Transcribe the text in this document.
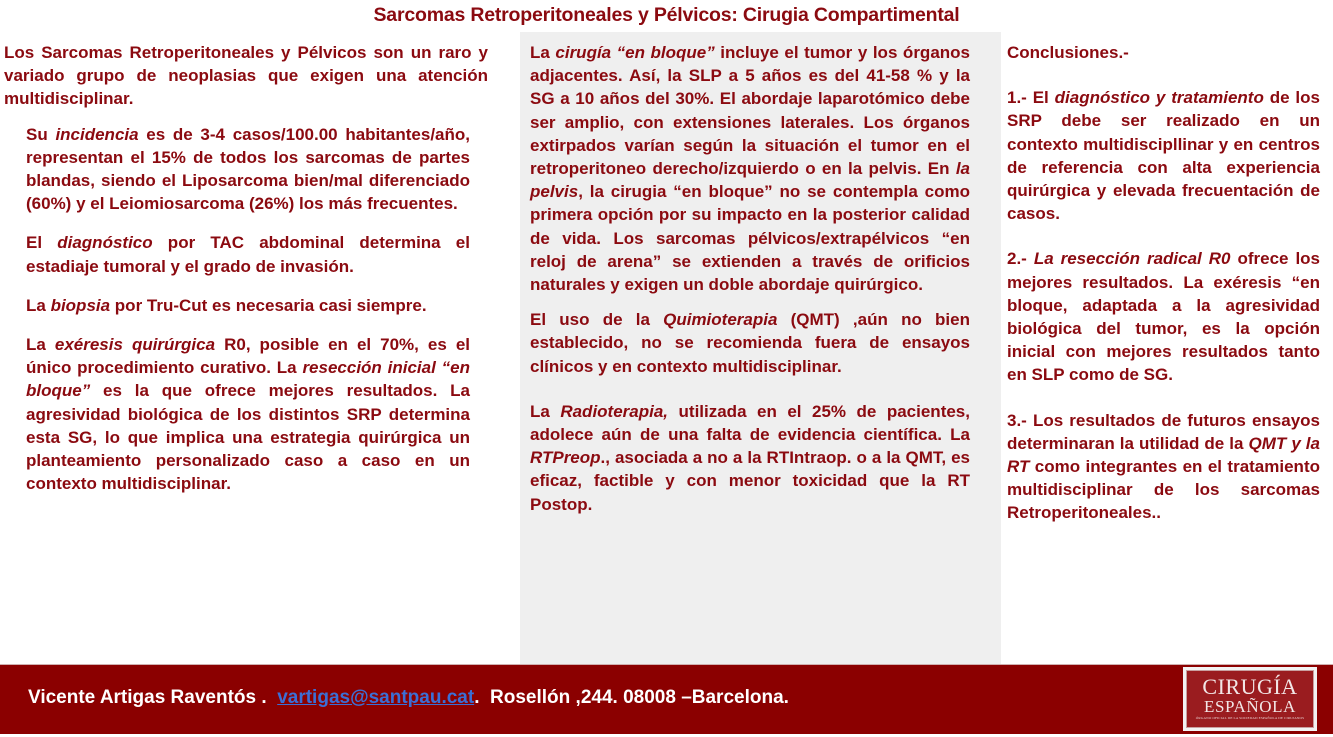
Sarcomas Retroperitoneales y Pélvicos: Cirugia Compartimental

Los Sarcomas Retroperitoneales y Pélvicos son un raro y variado grupo de neoplasias que exigen una atención multidisciplinar.

Su incidencia es de 3-4 casos/100.00 habitantes/año, representan el 15% de todos los sarcomas de partes blandas, siendo el Liposarcoma bien/mal diferenciado (60%) y el Leiomiosarcoma (26%) los más frecuentes.

El diagnóstico por TAC abdominal determina el estadiaje tumoral y el grado de invasión.

La biopsia por Tru-Cut es necesaria casi siempre.

La exéresis quirúrgica R0, posible en el 70%, es el único procedimiento curativo. La resección inicial “en bloque” es la que ofrece mejores resultados. La agresividad biológica de los distintos SRP determina esta SG, lo que implica una estrategia quirúrgica un planteamiento personalizado caso a caso en un contexto multidisciplinar.

La cirugía “en bloque” incluye el tumor y los órganos adjacentes. Así, la SLP a 5 años es del 41-58 % y la SG a 10 años del 30%. El abordaje laparotómico debe ser amplio, con extensiones laterales. Los órganos extirpados varían según la situación el tumor en el retroperitoneo derecho/izquierdo o en la pelvis. En la pelvis, la cirugia “en bloque” no se contempla como primera opción por su impacto en la posterior calidad de vida. Los sarcomas pélvicos/extrapélvicos “en reloj de arena” se extienden a través de orificios naturales y exigen un doble abordaje quirúrgico.

El uso de la Quimioterapia (QMT) ,aún no bien establecido, no se recomienda fuera de ensayos clínicos y en contexto multidisciplinar.

La Radioterapia, utilizada en el 25% de pacientes, adolece aún de una falta de evidencia científica. La RTPreop., asociada a no a la RTIntraop. o a la QMT, es eficaz, factible y con menor toxicidad que la RT Postop.

Conclusiones.-

1.- El diagnóstico y tratamiento de los SRP debe ser realizado en un contexto multidiscipllinar y en centros de referencia con alta experiencia quirúrgica y elevada frecuentación de casos.

2.- La resección radical R0 ofrece los mejores resultados. La exéresis “en bloque, adaptada a la agresividad biológica del tumor, es la opción inicial con mejores resultados tanto en SLP como de SG.

3.- Los resultados de futuros ensayos determinaran la utilidad de la QMT y la RT como integrantes en el tratamiento multidisciplinar de los sarcomas Retroperitoneales..

Vicente Artigas Raventós .  vartigas@santpau.cat.  Rosellón ,244. 08008 –Barcelona.	CIRUGÍA
ESPAÑOLA
ÓRGANO OFICIAL DE LA SOCIEDAD ESPAÑOLA DE CIRUJANOS
